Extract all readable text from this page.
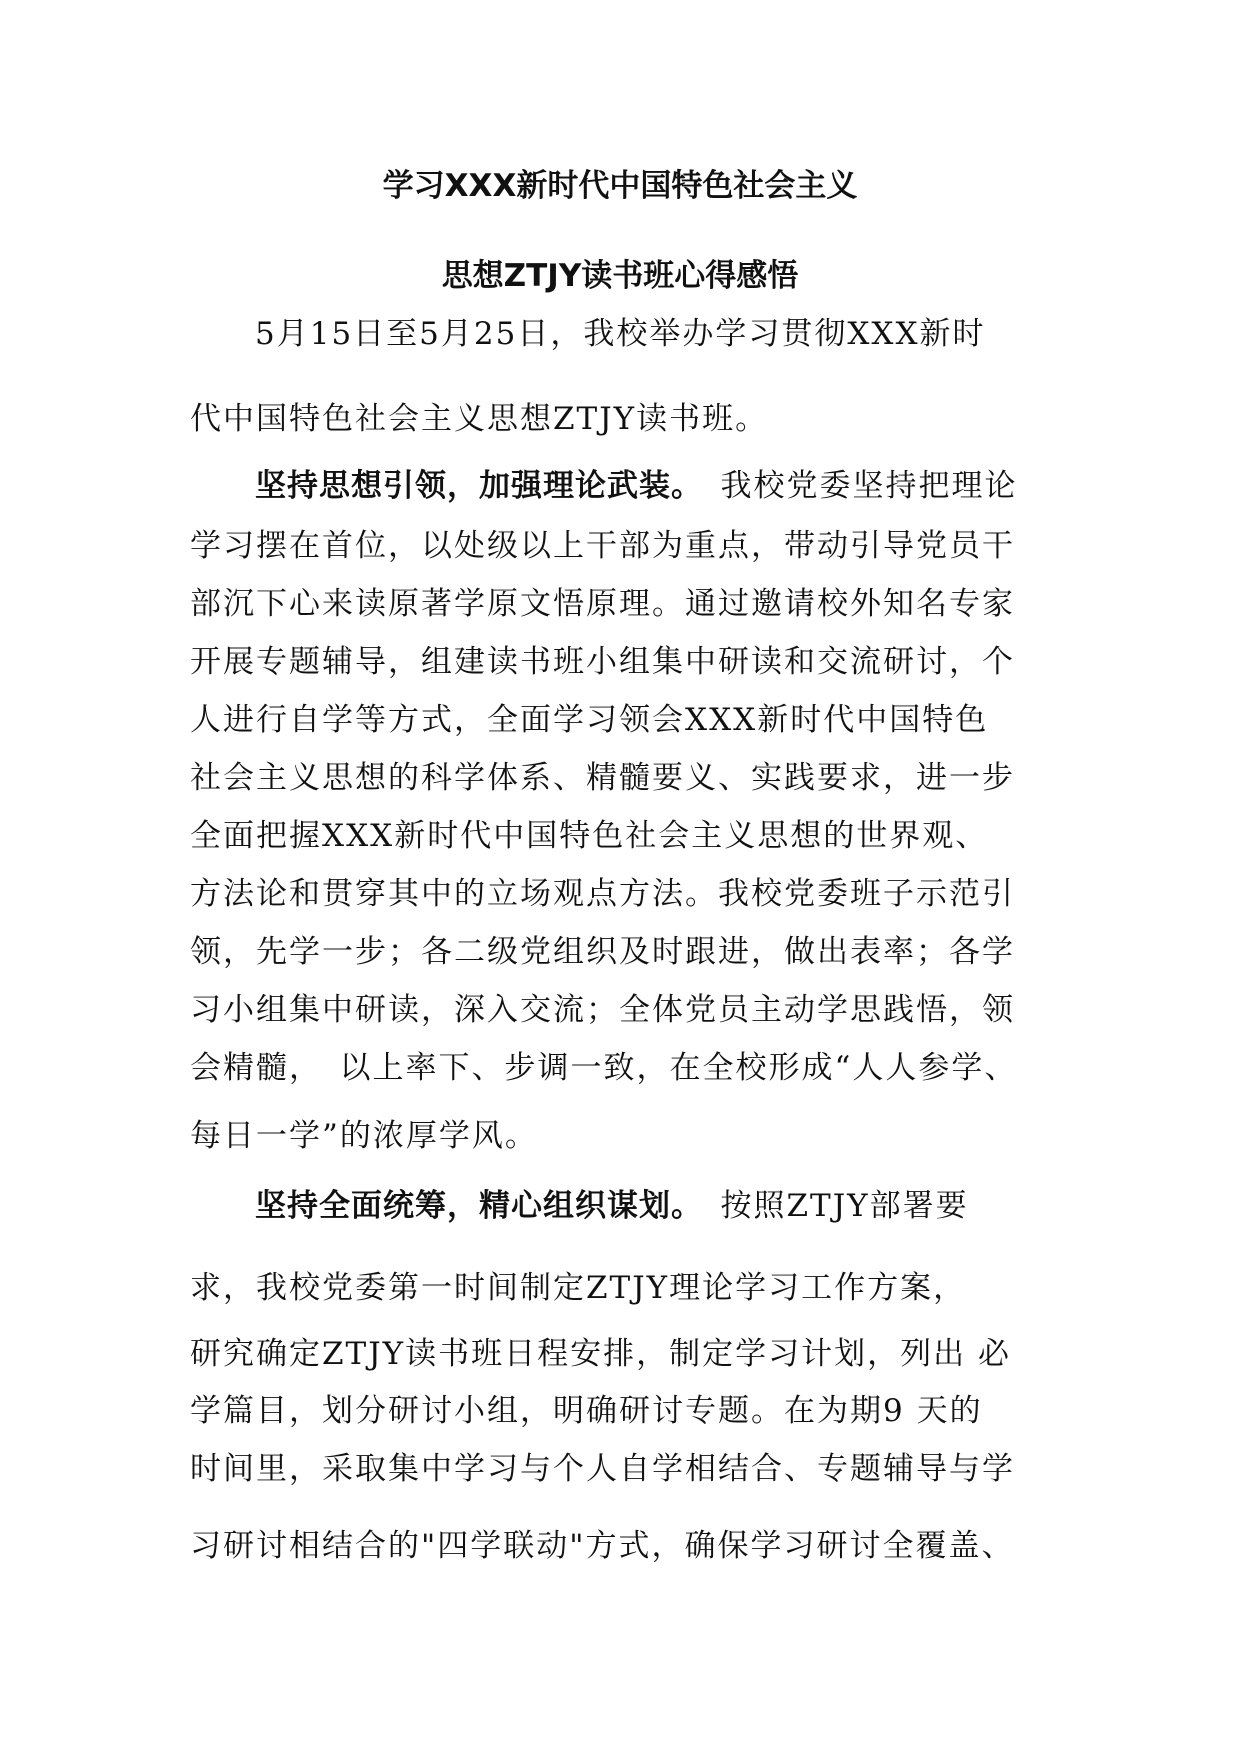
学习XXX新时代中国特色社会主义
思想ZTJY读书班心得感悟
5月15日至5月25日，我校举办学习贯彻XXX新时
代中国特色社会主义思想ZTJY读书班。
坚持思想引领，加强理论武装。　 我校党委坚持把理论
学习摆在首位，以处级以上干部为重点，带动引导党员干
部沉下心来读原著学原文悟原理。通过邀请校外知名专家
开展专题辅导，组建读书班小组集中研读和交流研讨，个
人进行自学等方式，全面学习领会XXX新时代中国特色
社会主义思想的科学体系、精髓要义、实践要求，进一步
全面把握XXX新时代中国特色社会主义思想的世界观、
方法论和贯穿其中的立场观点方法。我校党委班子示范引
领，先学一步；各二级党组织及时跟进，做出表率；各学
习小组集中研读，深入交流；全体党员主动学思践悟，领
会精髓，　以上率下、步调一致，在全校形成“人人参学、
每日一学”的浓厚学风。
坚持全面统筹，精心组织谋划。　 按照ZTJY部署要
求，我校党委第一时间制定ZTJY理论学习工作方案，
研究确定ZTJY读书班日程安排，制定学习计划，列出 必
学篇目，划分研讨小组，明确研讨专题。在为期9 天的
时间里，采取集中学习与个人自学相结合、专题辅导与学
习研讨相结合的"四学联动"方式，确保学习研讨全覆盖、
